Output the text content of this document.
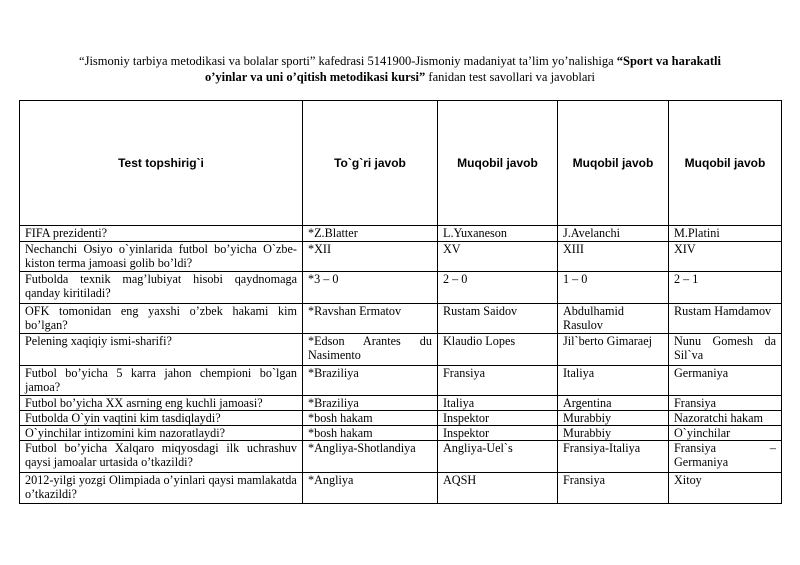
“Jismoniy tarbiya metodikasi va bolalar sporti” kafedrasi 5141900-Jismoniy madaniyat ta’lim yo’nalishiga “Sport va harakatli
o’yinlar va uni o’qitish metodikasi kursi” fanidan test savollari va javoblari
Test topshirig`i	To`g`ri javob	Muqobil javob	Muqobil javob	Muqobil javob
FIFA prezidenti?	*Z.Blatter	L.Yuxaneson	J.Avelanchi	M.Platini
Nechanchi Osiyo o`yinlarida futbol bo’yicha O`zbe-kiston terma jamoasi golib bo’ldi?	*XII	XV	XIII	XIV
Futbolda texnik mag’lubiyat hisobi qaydnomaga qanday kiritiladi?	*3 – 0	2 – 0	1 – 0	2 – 1
OFK tomonidan eng yaxshi o’zbek hakami kim bo’lgan?	*Ravshan Ermatov	Rustam Saidov	Abdulhamid Rasulov	Rustam Hamdamov
Pelening xaqiqiy ismi-sharifi?	*Edson Arantes du Nasimento	Klaudio Lopes	Jil`berto Gimaraej	Nunu Gomesh da Sil`va
Futbol bo’yicha 5 karra jahon chempioni bo`lgan jamoa?	*Braziliya	Fransiya	Italiya	Germaniya
Futbol bo’yicha XX asrning eng kuchli jamoasi?	*Braziliya	Italiya	Argentina	Fransiya
Futbolda O`yin vaqtini kim tasdiqlaydi?	*bosh hakam	Inspektor	Murabbiy	Nazoratchi hakam
O`yinchilar intizomini kim nazoratlaydi?	*bosh hakam	Inspektor	Murabbiy	O`yinchilar
Futbol bo’yicha Xalqaro miqyosdagi ilk uchrashuv qaysi jamoalar urtasida o’tkazildi?	*Angliya-Shotlandiya	Angliya-Uel`s	Fransiya-Italiya	Fransiya – Germaniya
2012-yilgi yozgi Olimpiada o’yinlari qaysi mamlakatda o’tkazildi?	*Angliya	AQSH	Fransiya	Xitoy
